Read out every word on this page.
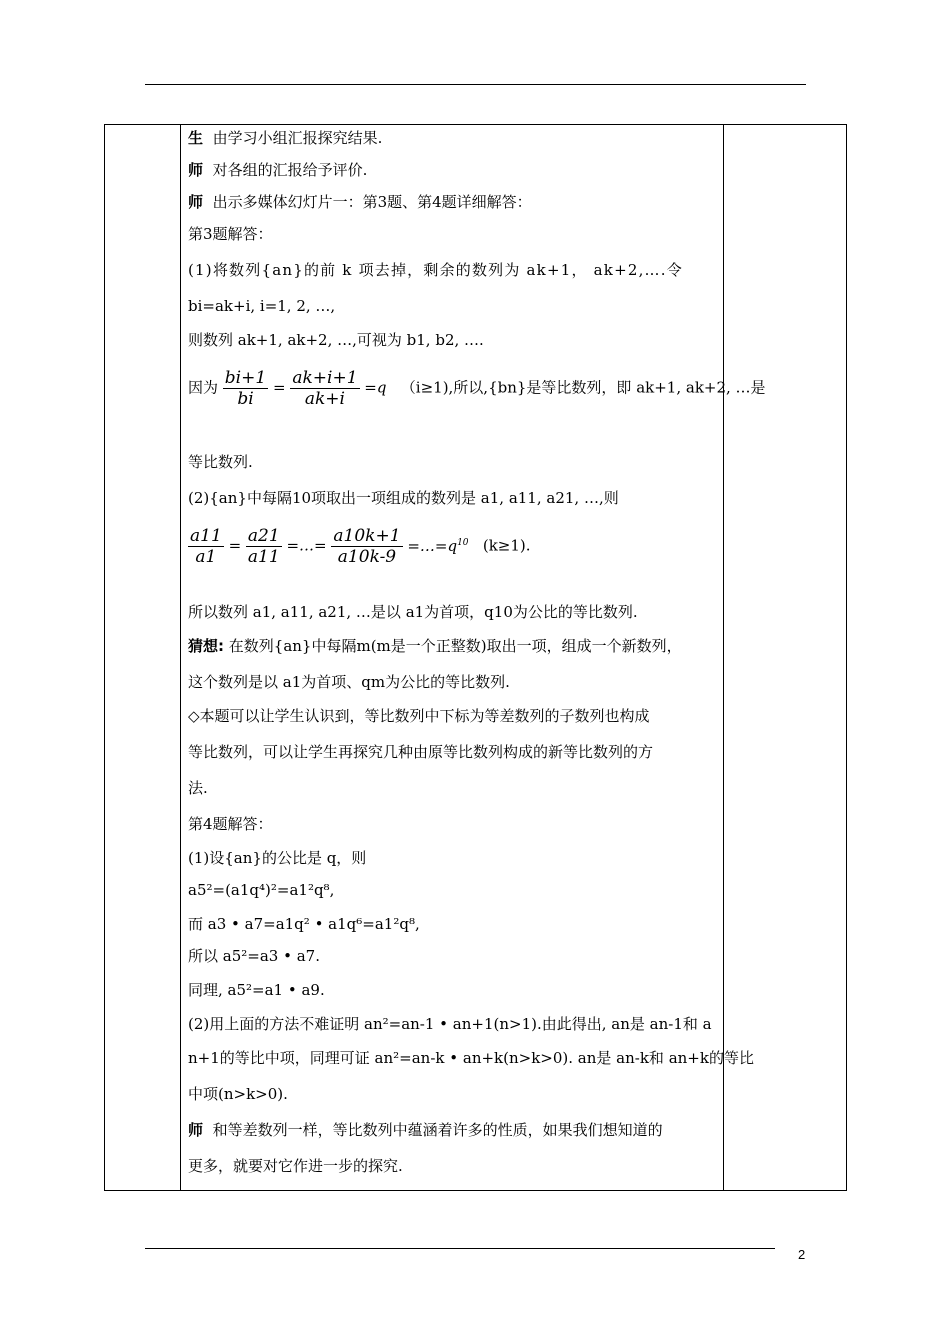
生 由学习小组汇报探究结果.
师 对各组的汇报给予评价.
师 出示多媒体幻灯片一：第3题、第4题详细解答：
第3题解答：
(1)将数列{an}的前 k 项去掉，剩余的数列为 ak+1， ak+2,….令
bi=ak+i, i=1, 2, …,
则数列 ak+1, ak+2, …,可视为 b1, b2, ….
因为 $\frac{bi+1}{bi} = \frac{ak+i+1}{ak+i} =q$ （i≥1),所以,{bn}是等比数列，即 ak+1, ak+2, …是
等比数列.
(2){an}中每隔10项取出一项组成的数列是 a1, a11, a21, …,则
$\frac{a11}{a1} = \frac{a21}{a11}$ =…= $\frac{a10k+1}{a10k-9}$ $=\dots=q^{10}$ (k≥1).
所以数列 a1, a11, a21, …是以 a1为首项，q10为公比的等比数列.
猜想: 在数列{an}中每隔m(m是一个正整数)取出一项，组成一个新数列，
这个数列是以 a1为首项、qm为公比的等比数列.
◇本题可以让学生认识到，等比数列中下标为等差数列的子数列也构成
等比数列，可以让学生再探究几种由原等比数列构成的新等比数列的方
法.
第4题解答：
(1)设{an}的公比是 q，则
a5²=(a1q⁴)²=a1²q⁸,
而 a3 • a7=a1q² • a1q⁶=a1²q⁸,
所以 a5²=a3 • a7.
同理, a5²=a1 • a9.
(2)用上面的方法不难证明 an²=an-1 • an+1(n>1).由此得出, an是 an-1和 a
n+1的等比中项，同理可证 an²=an-k • an+k(n>k>0). an是 an-k和 an+k的等比
中项(n>k>0).
师 和等差数列一样，等比数列中蕴涵着许多的性质，如果我们想知道的
更多，就要对它作进一步的探究.
2
